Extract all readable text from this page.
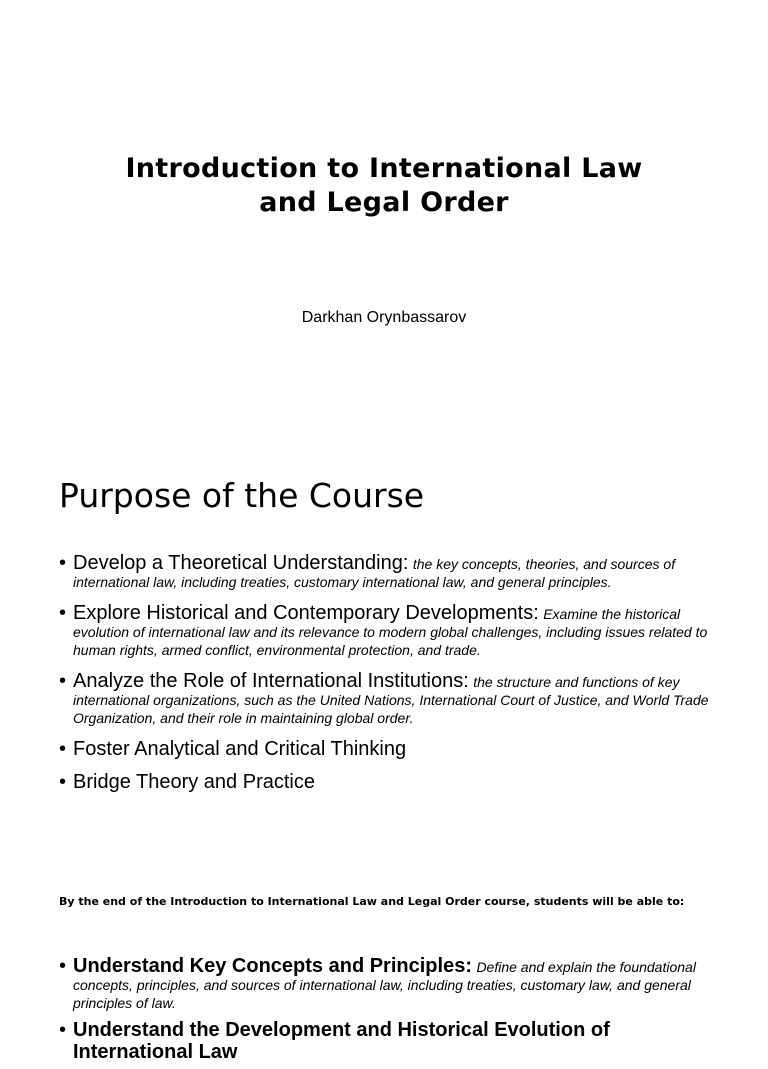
Introduction to International Law
and Legal Order
Darkhan Orynbassarov
Purpose of the Course
• Develop a Theoretical Understanding: the key concepts, theories, and sources of international law, including treaties, customary international law, and general principles.
• Explore Historical and Contemporary Developments: Examine the historical evolution of international law and its relevance to modern global challenges, including issues related to human rights, armed conflict, environmental protection, and trade.
• Analyze the Role of International Institutions: the structure and functions of key international organizations, such as the United Nations, International Court of Justice, and World Trade Organization, and their role in maintaining global order.
• Foster Analytical and Critical Thinking
• Bridge Theory and Practice
By the end of the Introduction to International Law and Legal Order course, students will be able to:
• Understand Key Concepts and Principles: Define and explain the foundational concepts, principles, and sources of international law, including treaties, customary law, and general principles of law.
• Understand the Development and Historical Evolution of International Law
